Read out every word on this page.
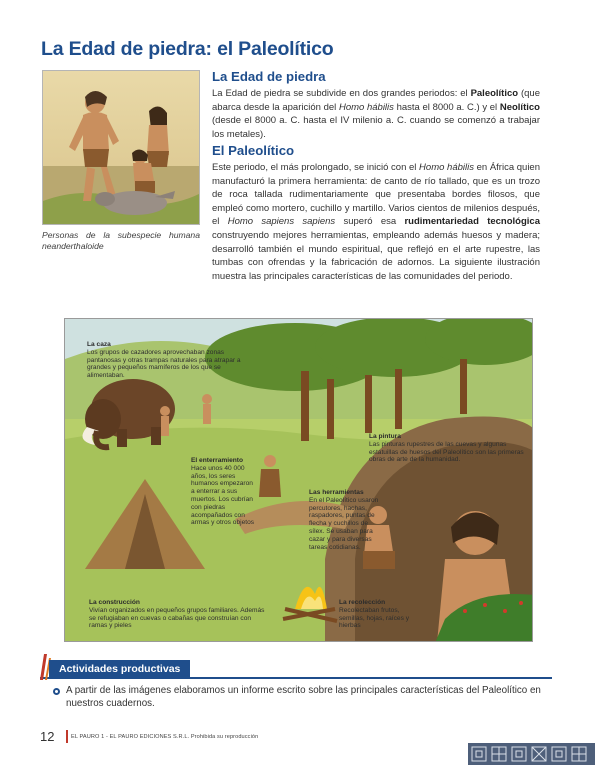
La Edad de piedra: el Paleolítico
Personas de la subespecie humana neanderthaloide
La Edad de piedra
La Edad de piedra se subdivide en dos grandes periodos: el Paleolítico (que abarca desde la aparición del Homo hábilis hasta el 8000 a. C.) y el Neolítico (desde el 8000 a. C. hasta el IV milenio a. C. cuando se comenzó a trabajar los metales).
El Paleolítico
Este periodo, el más prolongado, se inició con el Homo hábilis en África quien manufacturó la primera herramienta: de canto de río tallado, que es un trozo de roca tallada rudimentariamente que presentaba bordes filosos, que empleó como mortero, cuchillo y martillo. Varios cientos de milenios después, el Homo sapiens sapiens superó esa rudimentariedad tecnológica construyendo mejores herramientas, empleando además huesos y madera; desarrolló también el mundo espiritual, que reflejó en el arte rupestre, las tumbas con ofrendas y la fabricación de adornos. La siguiente ilustración muestra las principales características de las comunidades del periodo.
La caza
Los grupos de cazadores aprovechaban zonas pantanosas y otras trampas naturales para atrapar a grandes y pequeños mamíferos de los que se alimentaban.
La pintura
Las pinturas rupestres de las cuevas y algunas estatuillas de huesos del Paleolítico son las primeras obras de arte de la humanidad.
El enterramiento
Hace unos 40 000 años, los seres humanos empezaron a enterrar a sus muertos. Los cubrían con piedras acompañados con armas y otros objetos
Las herramientas
En el Paleolítico usaron percutores, hachas, raspadores, puntas de flecha y cuchillos de sílex. Se usaban para cazar y para diversas tareas cotidianas.
La construcción
Vivían organizados en pequeños grupos familiares. Además se refugiaban en cuevas o cabañas que construían con ramas y pieles
La recolección
Recolectaban frutos, semillas, hojas, raíces y hierbas
Actividades productivas
A partir de las imágenes elaboramos un informe escrito sobre las principales características del Paleolítico en nuestros cuadernos.
12	EL PAURO 1 - EL PAURO EDICIONES S.R.L. Prohibida su reproducción
